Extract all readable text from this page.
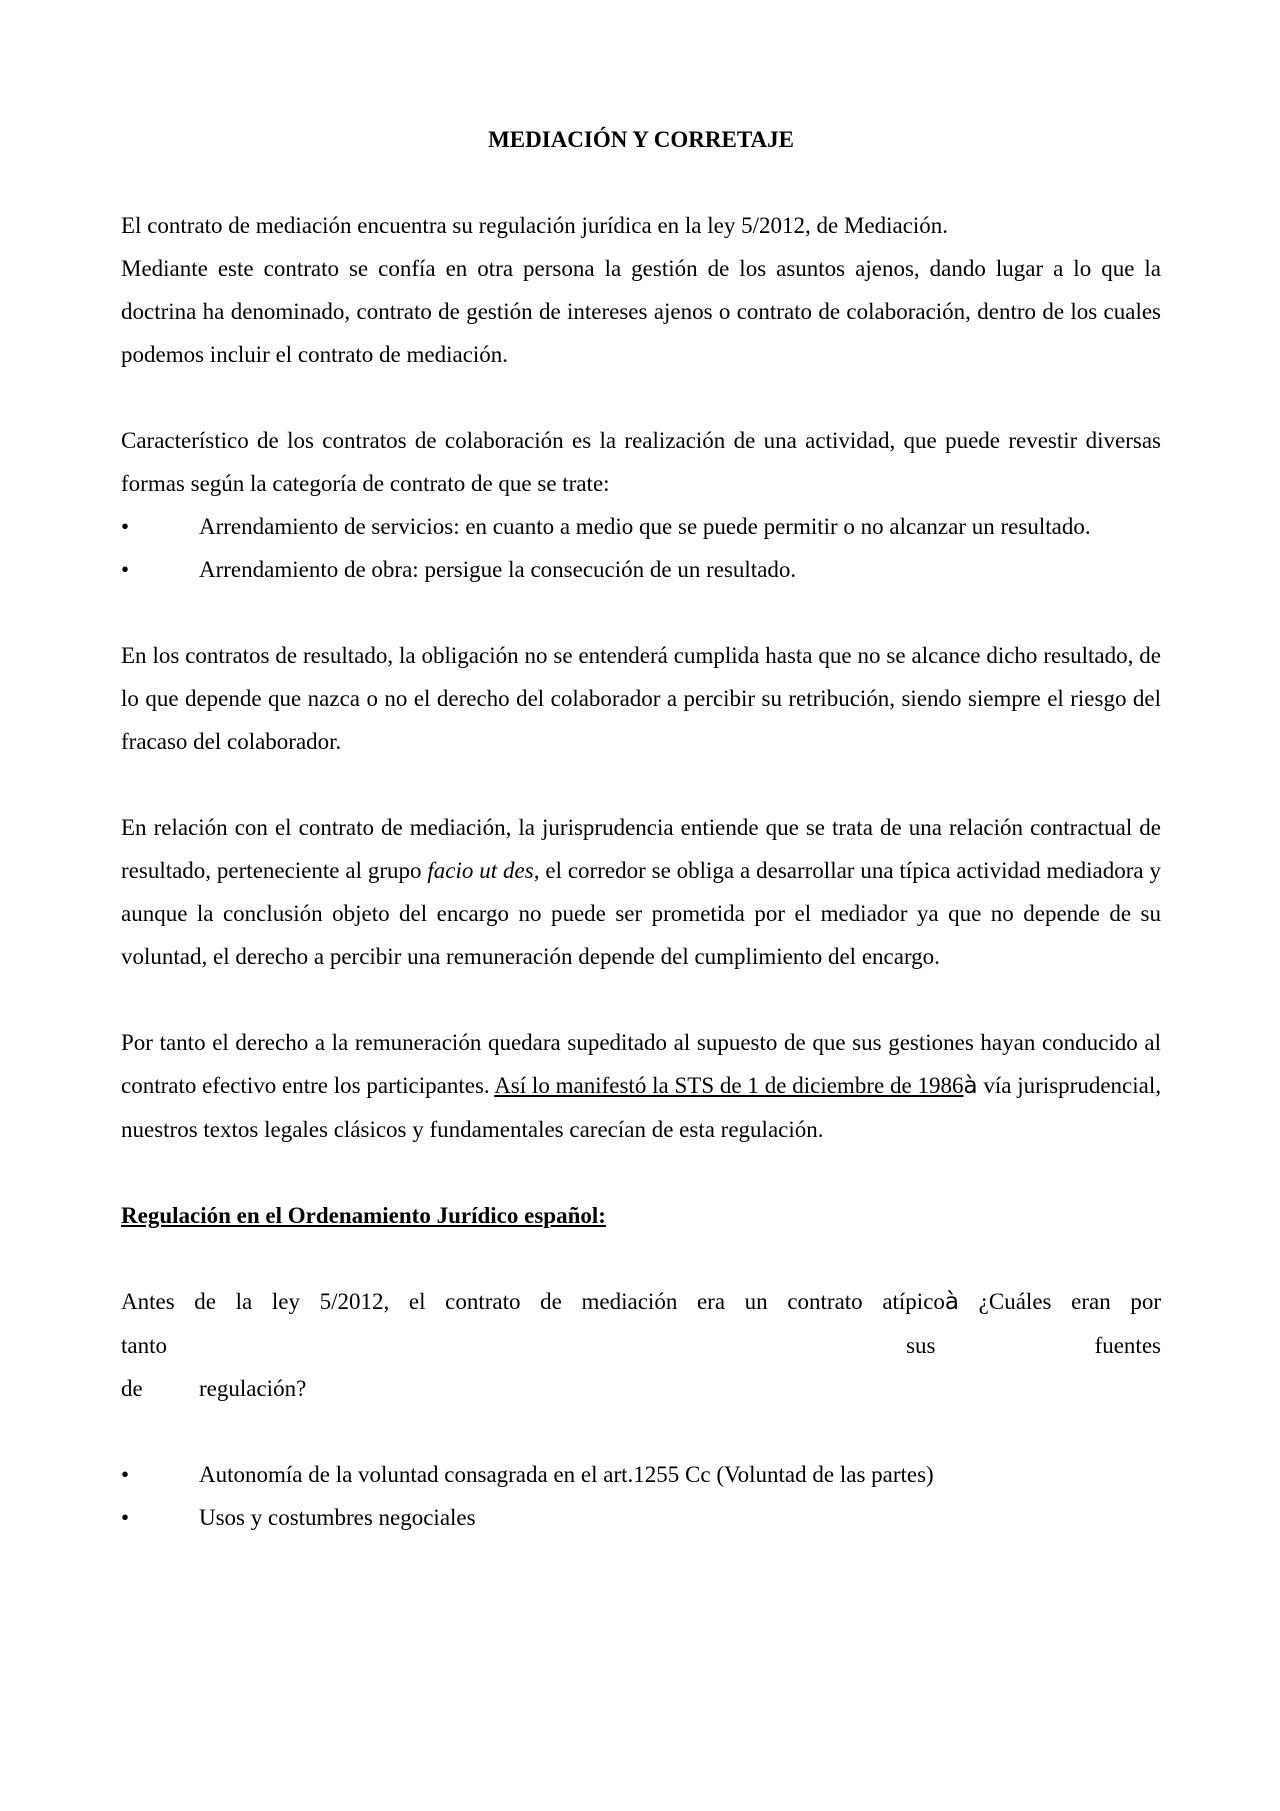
MEDIACIÓN Y CORRETAJE

El contrato de mediación encuentra su regulación jurídica en la ley 5/2012, de Mediación.

Mediante este contrato se confía en otra persona la gestión de los asuntos ajenos, dando lugar a lo que la doctrina ha denominado, contrato de gestión de intereses ajenos o contrato de colaboración, dentro de los cuales podemos incluir el contrato de mediación.

Característico de los contratos de colaboración es la realización de una actividad, que puede revestir diversas formas según la categoría de contrato de que se trate:

•	Arrendamiento de servicios: en cuanto a medio que se puede permitir o no alcanzar un resultado.

•	Arrendamiento de obra: persigue la consecución de un resultado.

En los contratos de resultado, la obligación no se entenderá cumplida hasta que no se alcance dicho resultado, de lo que depende que nazca o no el derecho del colaborador a percibir su retribución, siendo siempre el riesgo del fracaso del colaborador.

En relación con el contrato de mediación, la jurisprudencia entiende que se trata de una relación contractual de resultado, perteneciente al grupo facio ut des, el corredor se obliga a desarrollar una típica actividad mediadora y aunque la conclusión objeto del encargo no puede ser prometida por el mediador ya que no depende de su voluntad, el derecho a percibir una remuneración depende del cumplimiento del encargo.

Por tanto el derecho a la remuneración quedara supeditado al supuesto de que sus gestiones hayan conducido al contrato efectivo entre los participantes. Así lo manifestó la STS de 1 de diciembre de 1986à vía jurisprudencial, nuestros textos legales clásicos y fundamentales carecían de esta regulación.

Regulación en el Ordenamiento Jurídico español:

Antes de la ley 5/2012, el contrato de mediación era un contrato atípicoà ¿Cuáles eran por

tanto	sus	fuentes
de	regulación?

•	Autonomía de la voluntad consagrada en el art.1255 Cc (Voluntad de las partes)

•	Usos y costumbres negociales
